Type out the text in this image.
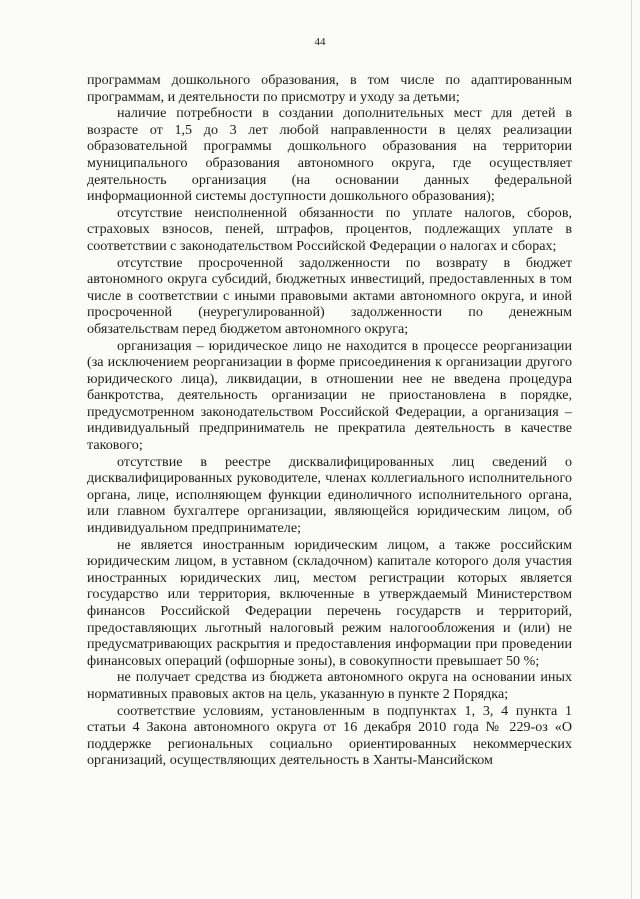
44

программам дошкольного образования, в том числе по адаптированным программам, и деятельности по присмотру и уходу за детьми;

наличие потребности в создании дополнительных мест для детей в возрасте от 1,5 до 3 лет любой направленности в целях реализации образовательной программы дошкольного образования на территории муниципального образования автономного округа, где осуществляет деятельность организация (на основании данных федеральной информационной системы доступности дошкольного образования);

отсутствие неисполненной обязанности по уплате налогов, сборов, страховых взносов, пеней, штрафов, процентов, подлежащих уплате в соответствии с законодательством Российской Федерации о налогах и сборах;

отсутствие просроченной задолженности по возврату в бюджет автономного округа субсидий, бюджетных инвестиций, предоставленных в том числе в соответствии с иными правовыми актами автономного округа, и иной просроченной (неурегулированной) задолженности по денежным обязательствам перед бюджетом автономного округа;

организация – юридическое лицо не находится в процессе реорганизации (за исключением реорганизации в форме присоединения к организации другого юридического лица), ликвидации, в отношении нее не введена процедура банкротства, деятельность организации не приостановлена в порядке, предусмотренном законодательством Российской Федерации, а организация – индивидуальный предприниматель не прекратила деятельность в качестве такового;

отсутствие в реестре дисквалифицированных лиц сведений о дисквалифицированных руководителе, членах коллегиального исполнительного органа, лице, исполняющем функции единоличного исполнительного органа, или главном бухгалтере организации, являющейся юридическим лицом, об индивидуальном предпринимателе;

не является иностранным юридическим лицом, а также российским юридическим лицом, в уставном (складочном) капитале которого доля участия иностранных юридических лиц, местом регистрации которых является государство или территория, включенные в утверждаемый Министерством финансов Российской Федерации перечень государств и территорий, предоставляющих льготный налоговый режим налогообложения и (или) не предусматривающих раскрытия и предоставления информации при проведении финансовых операций (офшорные зоны), в совокупности превышает 50 %;

не получает средства из бюджета автономного округа на основании иных нормативных правовых актов на цель, указанную в пункте 2 Порядка;

соответствие условиям, установленным в подпунктах 1, 3, 4 пункта 1 статьи 4 Закона автономного округа от 16 декабря 2010 года № 229-оз «О поддержке региональных социально ориентированных некоммерческих организаций, осуществляющих деятельность в Ханты-Мансийском
